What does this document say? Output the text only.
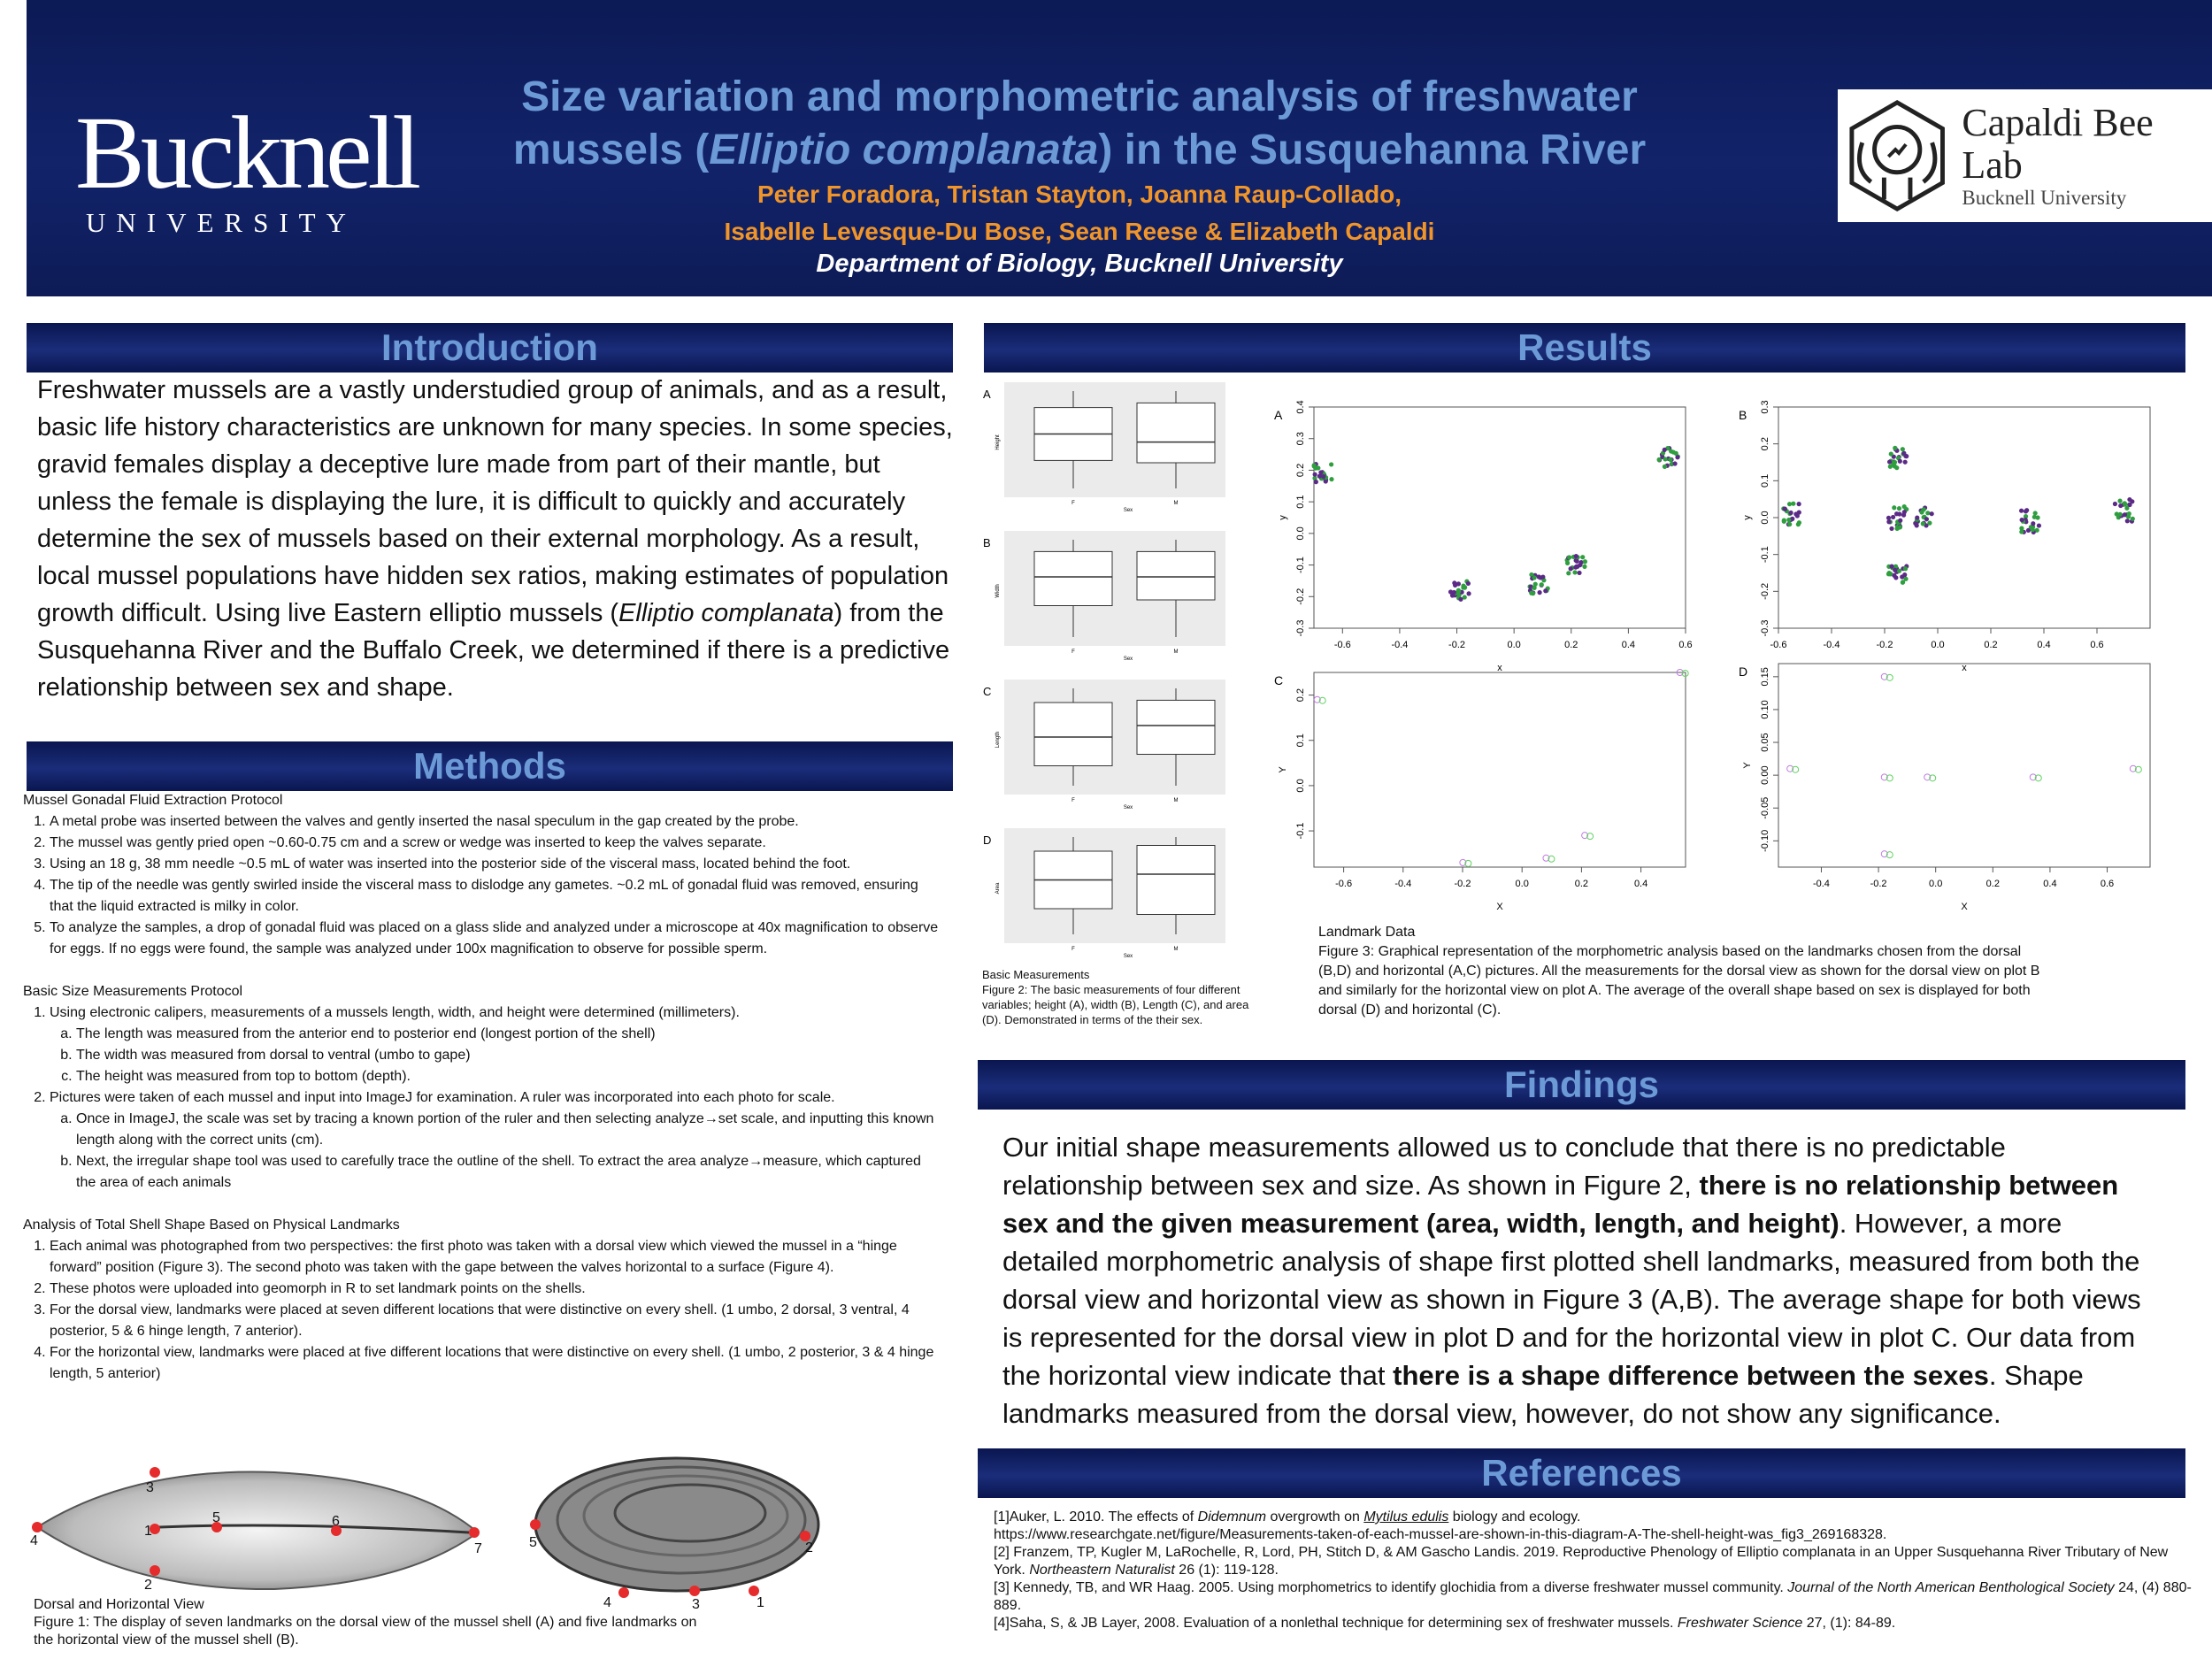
Bucknell
UNIVERSITY
Size variation and morphometric analysis of freshwater
mussels (Elliptio complanata) in the Susquehanna River
Peter Foradora, Tristan Stayton, Joanna Raup-Collado,
Isabelle Levesque-Du Bose, Sean Reese & Elizabeth Capaldi
Department of Biology, Bucknell University
Capaldi Bee Lab
Bucknell University
Introduction
Freshwater mussels are a vastly understudied group of animals, and as a result, basic life history characteristics are unknown for many species. In some species, gravid females display a deceptive lure made from part of their mantle, but unless the female is displaying the lure, it is difficult to quickly and accurately determine the sex of mussels based on their external morphology. As a result, local mussel populations have hidden sex ratios, making estimates of population growth difficult. Using live Eastern elliptio mussels (Elliptio complanata) from the Susquehanna River and the Buffalo Creek, we determined if there is a predictive relationship between sex and shape.
Methods
Mussel Gonadal Fluid Extraction Protocol
1. A metal probe was inserted between the valves and gently inserted the nasal speculum in the gap created by the probe.
2. The mussel was gently pried open ~0.60-0.75 cm and a screw or wedge was inserted to keep the valves separate.
3. Using an 18 g, 38 mm needle ~0.5 mL of water was inserted into the posterior side of the visceral mass, located behind the foot.
4. The tip of the needle was gently swirled inside the visceral mass to dislodge any gametes. ~0.2 mL of gonadal fluid was removed, ensuring that the liquid extracted is milky in color.
5. To analyze the samples, a drop of gonadal fluid was placed on a glass slide and analyzed under a microscope at 40x magnification to observe for eggs. If no eggs were found, the sample was analyzed under 100x magnification to observe for possible sperm.
Basic Size Measurements Protocol
1. Using electronic calipers, measurements of a mussels length, width, and height were determined (millimeters).
a. The length was measured from the anterior end to posterior end (longest portion of the shell)
b. The width was measured from dorsal to ventral (umbo to gape)
c. The height was measured from top to bottom (depth).
2. Pictures were taken of each mussel and input into ImageJ for examination. A ruler was incorporated into each photo for scale.
a. Once in ImageJ, the scale was set by tracing a known portion of the ruler and then selecting analyze→set scale, and inputting this known length along with the correct units (cm).
b. Next, the irregular shape tool was used to carefully trace the outline of the shell. To extract the area analyze→measure, which captured the area of each animals
Analysis of Total Shell Shape Based on Physical Landmarks
1. Each animal was photographed from two perspectives: the first photo was taken with a dorsal view which viewed the mussel in a “hinge forward” position (Figure 3). The second photo was taken with the gape between the valves horizontal to a surface (Figure 4).
2. These photos were uploaded into geomorph in R to set landmark points on the shells.
3. For the dorsal view, landmarks were placed at seven different locations that were distinctive on every shell. (1 umbo, 2 dorsal, 3 ventral, 4 posterior, 5 & 6 hinge length, 7 anterior).
4. For the horizontal view, landmarks were placed at five different locations that were distinctive on every shell. (1 umbo, 2 posterior, 3 & 4 hinge length, 5 anterior)
1
2
3
4
5	6
7
1
2
3
4
5
Dorsal and Horizontal View
Figure 1: The display of seven landmarks on the dorsal view of the mussel shell (A) and five landmarks on the horizontal view of the mussel shell (B).
Results
A
Height
Sex
F	M
B
Width
Sex
F	M
C
Length
Sex
F	M
D
Area
Sex
F	M
Basic Measurements
Figure 2: The basic measurements of four different variables; height (A), width (B), Length (C), and area (D). Demonstrated in terms of the their sex.
A
-0.6	-0.4	-0.2	0.0	0.2	0.4	0.6
-0.3
-0.2
-0.1
0.0
0.1
0.2
0.3
0.4
x
y
B
-0.6	-0.4	-0.2	0.0	0.2	0.4	0.6
-0.3
-0.2
-0.1
0.0
0.1
0.2
0.3
x
y
C
-0.6	-0.4	-0.2	0.0	0.2	0.4
-0.1
0.0
0.1
0.2
X
Y
D
-0.4	-0.2	0.0	0.2	0.4	0.6
-0.10
-0.05
0.00
0.05
0.10
0.15
X
Y
Landmark Data
Figure 3: Graphical representation of the morphometric analysis based on the landmarks chosen from the dorsal (B,D) and horizontal (A,C) pictures. All the measurements for the dorsal view as shown for the dorsal view on plot B and similarly for the horizontal view on plot A. The average of the overall shape based on sex is displayed for both dorsal (D) and horizontal (C).
Findings
Our initial shape measurements allowed us to conclude that there is no predictable relationship between sex and size. As shown in Figure 2, there is no relationship between sex and the given measurement (area, width, length, and height). However, a more detailed morphometric analysis of shape first plotted shell landmarks, measured from both the dorsal view and horizontal view as shown in Figure 3 (A,B). The average shape for both views is represented for the dorsal view in plot D and for the horizontal view in plot C. Our data from the horizontal view indicate that there is a shape difference between the sexes. Shape landmarks measured from the dorsal view, however, do not show any significance.
References

[1]Auker, L. 2010. The effects of Didemnum overgrowth on Mytilus edulis biology and ecology.
https://www.researchgate.net/figure/Measurements-taken-of-each-mussel-are-shown-in-this-diagram-A-The-shell-height-was_fig3_269168328.

[2] Franzem, TP, Kugler M, LaRochelle, R, Lord, PH, Stitch D, & AM Gascho Landis. 2019. Reproductive Phenology of Elliptio complanata in an Upper Susquehanna River Tributary of New York. Northeastern Naturalist 26 (1): 119-128.

[3] Kennedy, TB, and WR Haag. 2005. Using morphometrics to identify glochidia from a diverse freshwater mussel community. Journal of the North American Benthological Society 24, (4) 880-889.

[4]Saha, S, & JB Layer, 2008. Evaluation of a nonlethal technique for determining sex of freshwater mussels. Freshwater Science 27, (1): 84-89.
